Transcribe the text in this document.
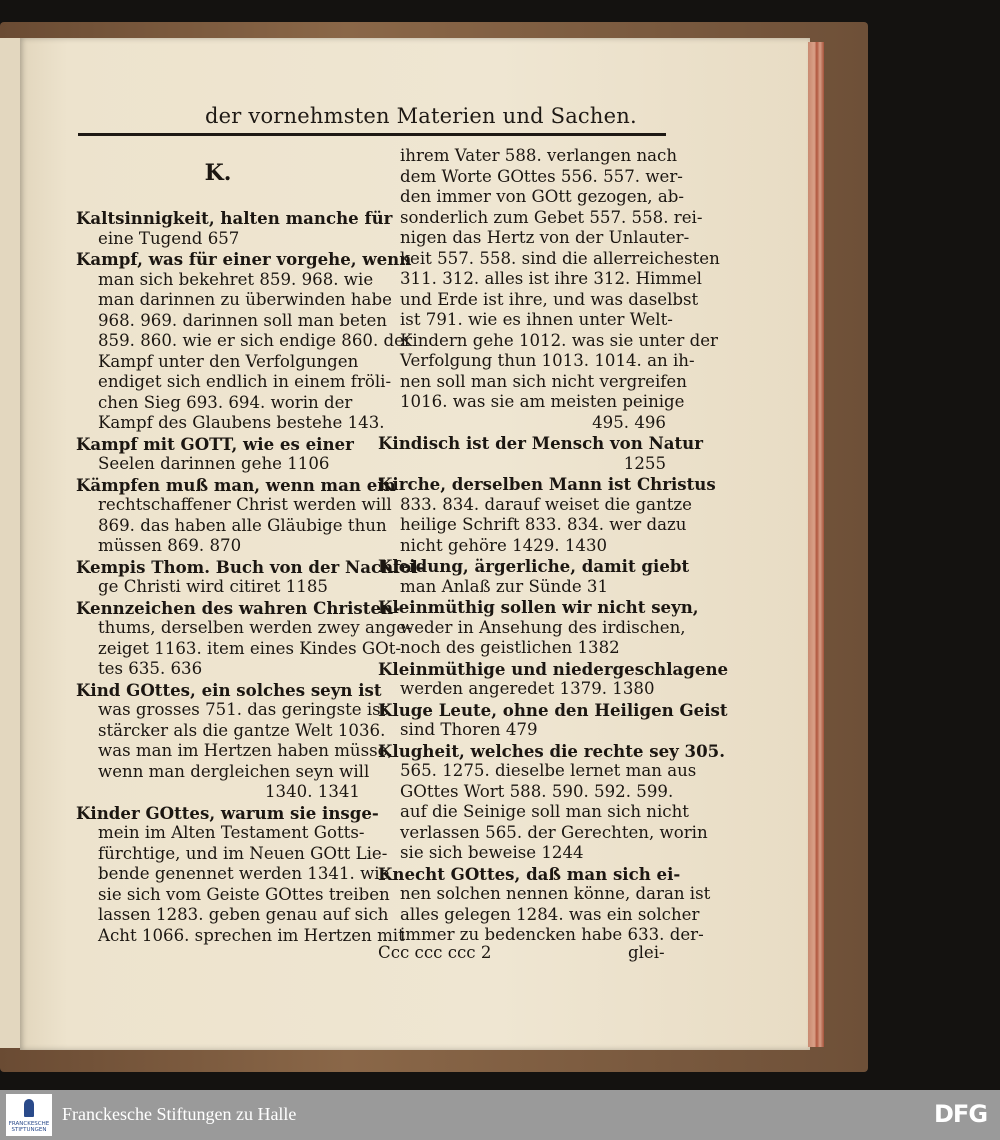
der vornehmsten Materien und Sachen.
K.
Kaltsinnigkeit, halten manche für
eine Tugend 657
Kampf, was für einer vorgehe, wenn
man sich bekehret 859. 968. wie
man darinnen zu überwinden habe
968. 969. darinnen soll man beten
859. 860. wie er sich endige 860. der
Kampf unter den Verfolgungen
endiget sich endlich in einem fröli-
chen Sieg 693. 694. worin der
Kampf des Glaubens bestehe 143.
Kampf mit GOTT, wie es einer
Seelen darinnen gehe 1106
Kämpfen muß man, wenn man ein
rechtschaffener Christ werden will
869. das haben alle Gläubige thun
müssen 869. 870
Kempis Thom. Buch von der Nachfol-
ge Christi wird citiret 1185
Kennzeichen des wahren Christen-
thums, derselben werden zwey ange-
zeiget 1163. item eines Kindes GOt-
tes 635. 636
Kind GOttes, ein solches seyn ist
was grosses 751. das geringste ist
stärcker als die gantze Welt 1036.
was man im Hertzen haben müsse,
wenn man dergleichen seyn will
1340. 1341
Kinder GOttes, warum sie insge-
mein im Alten Testament Gotts-
fürchtige, und im Neuen GOtt Lie-
bende genennet werden 1341. wie
sie sich vom Geiste GOttes treiben
lassen 1283. geben genau auf sich
Acht 1066. sprechen im Hertzen mit
ihrem Vater 588. verlangen nach
dem Worte GOttes 556. 557. wer-
den immer von GOtt gezogen, ab-
sonderlich zum Gebet 557. 558. rei-
nigen das Hertz von der Unlauter-
keit 557. 558. sind die allerreichesten
311. 312. alles ist ihre 312. Himmel
und Erde ist ihre, und was daselbst
ist 791. wie es ihnen unter Welt-
Kindern gehe 1012. was sie unter der
Verfolgung thun 1013. 1014. an ih-
nen soll man sich nicht vergreifen
1016. was sie am meisten peinige
495. 496
Kindisch ist der Mensch von Natur
1255
Kirche, derselben Mann ist Christus
833. 834. darauf weiset die gantze
heilige Schrift 833. 834. wer dazu
nicht gehöre 1429. 1430
Kleidung, ärgerliche, damit giebt
man Anlaß zur Sünde 31
Kleinmüthig sollen wir nicht seyn,
weder in Ansehung des irdischen,
noch des geistlichen 1382
Kleinmüthige und niedergeschlagene
werden angeredet 1379. 1380
Kluge Leute, ohne den Heiligen Geist
sind Thoren 479
Klugheit, welches die rechte sey 305.
565. 1275. dieselbe lernet man aus
GOttes Wort 588. 590. 592. 599.
auf die Seinige soll man sich nicht
verlassen 565. der Gerechten, worin
sie sich beweise 1244
Knecht GOttes, daß man sich ei-
nen solchen nennen könne, daran ist
alles gelegen 1284. was ein solcher
immer zu bedencken habe 633. der-
Ccc ccc ccc 2	glei-
FRANCKESCHE STIFTUNGEN
Franckesche Stiftungen zu Halle	DFG
